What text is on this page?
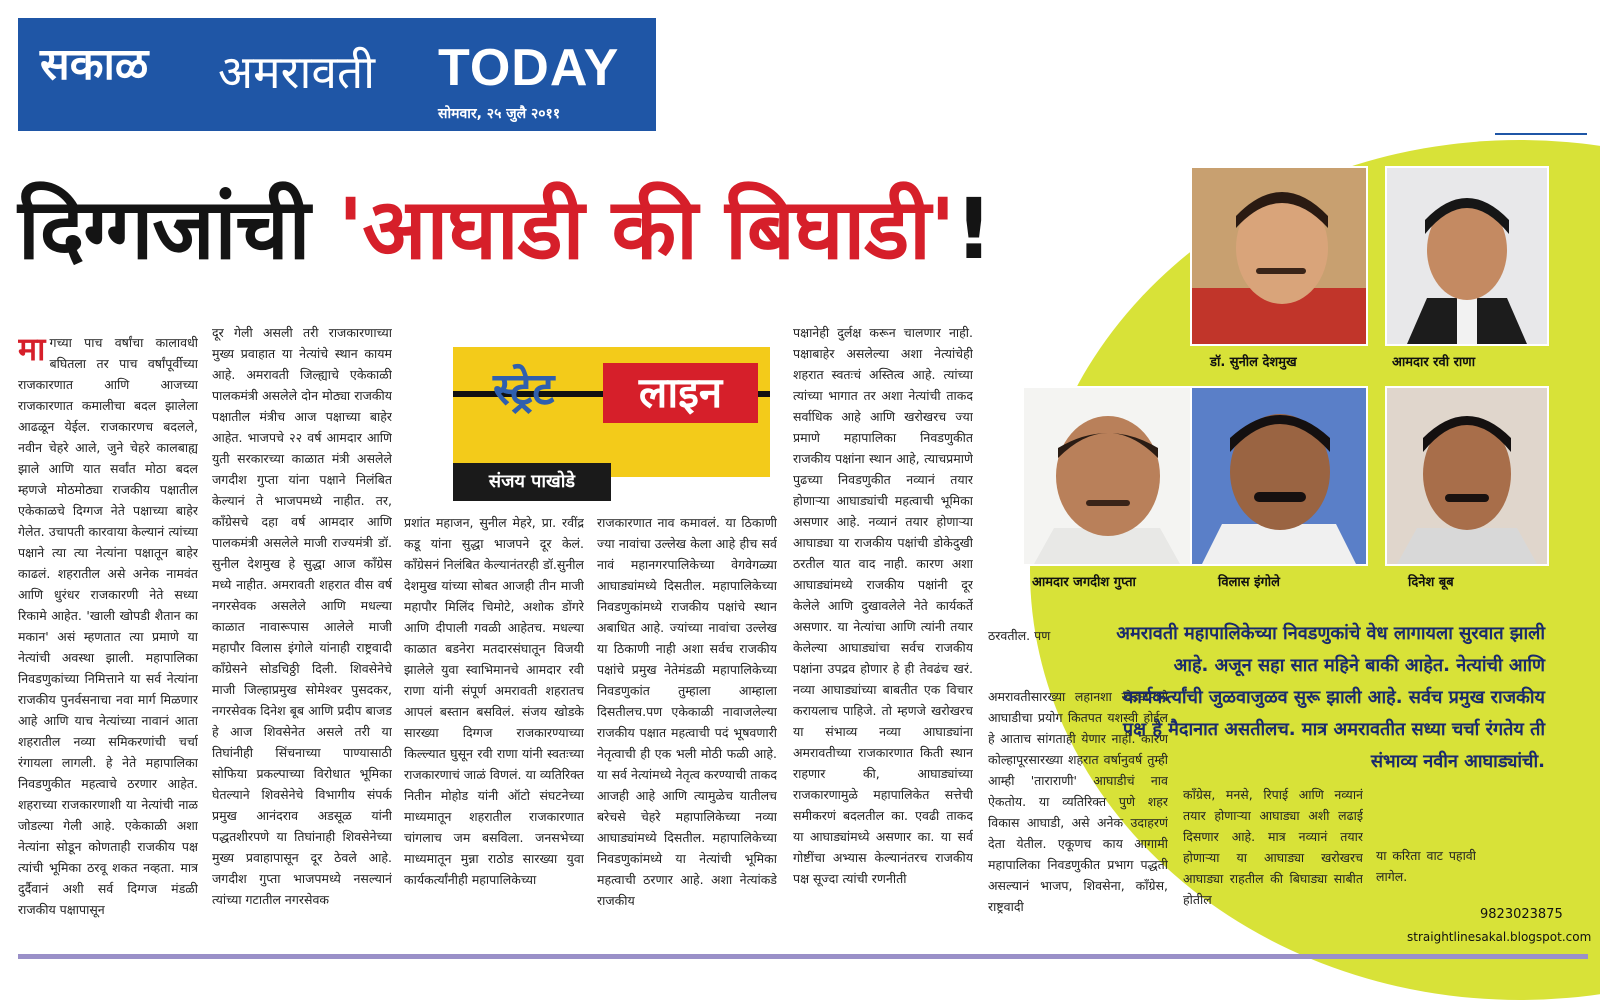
सकाळ अमरावती TODAY
सोमवार, २५ जुलै २०११
दिग्गजांची 'आघाडी की बिघाडी'!
डॉ. सुनील देशमुख	आमदार रवी राणा
आमदार जगदीश गुप्ता	विलास इंगोले	दिनेश बूब
स्ट्रेट	लाइन
संजय पाखोडे
मागच्या पाच वर्षांचा कालावधी बघितला तर पाच वर्षांपूर्वीच्या राजकारणात आणि आजच्या राजकारणात कमालीचा बदल झालेला आढळून येईल. राजकारणच बदलले, नवीन चेहरे आले, जुने चेहरे कालबाह्य झाले आणि यात सर्वांत मोठा बदल म्हणजे मोठमोठ्या राजकीय पक्षातील एकेकाळचे दिग्गज नेते पक्षाच्या बाहेर गेलेत. उचापती कारवाया केल्यानं त्यांच्या पक्षाने त्या त्या नेत्यांना पक्षातून बाहेर काढलं. शहरातील असे अनेक नामवंत आणि धुरंधर राजकारणी नेते सध्या रिकामे आहेत. 'खाली खोपडी शैतान का मकान' असं म्हणतात त्या प्रमाणे या नेत्यांची अवस्था झाली. महापालिका निवडणुकांच्या निमित्ताने या सर्व नेत्यांना राजकीय पुनर्वसनाचा नवा मार्ग मिळणार आहे आणि याच नेत्यांच्या नावानं आता शहरातील नव्या समिकरणांची चर्चा रंगायला लागली. हे नेते महापालिका निवडणुकीत महत्वाचे ठरणार आहेत. शहराच्या राजकारणाशी या नेत्यांची नाळ जोडल्या गेली आहे. एकेकाळी अशा नेत्यांना सोडून कोणताही राजकीय पक्ष त्यांची भूमिका ठरवू शकत नव्हता. मात्र दुर्दैवानं अशी सर्व दिग्गज मंडळी राजकीय पक्षापासून
दूर गेली असली तरी राजकारणाच्या मुख्य प्रवाहात या नेत्यांचे स्थान कायम आहे. अमरावती जिल्ह्याचे एकेकाळी पालकमंत्री असलेले दोन मोठ्या राजकीय पक्षातील मंत्रीच आज पक्षाच्या बाहेर आहेत. भाजपचे २२ वर्ष आमदार आणि युती सरकारच्या काळात मंत्री असलेले जगदीश गुप्ता यांना पक्षाने निलंबित केल्यानं ते भाजपमध्ये नाहीत. तर, काँग्रेसचे दहा वर्ष आमदार आणि पालकमंत्री असलेले माजी राज्यमंत्री डॉ. सुनील देशमुख हे सुद्धा आज काँग्रेस मध्ये नाहीत. अमरावती शहरात वीस वर्ष नगरसेवक असलेले आणि मधल्या काळात नावारूपास आलेले माजी महापौर विलास इंगोले यांनाही राष्ट्रवादी काँग्रेसने सोडचिठ्ठी दिली. शिवसेनेचे माजी जिल्हाप्रमुख सोमेश्वर पुसदकर, नगरसेवक दिनेश बूब आणि प्रदीप बाजड हे आज शिवसेनेत असले तरी या तिघांनीही सिंचनाच्या पाण्यासाठी सोफिया प्रकल्पाच्या विरोधात भूमिका घेतल्याने शिवसेनेचे विभागीय संपर्क प्रमुख आनंदराव अडसूळ यांनी पद्धतशीरपणे या तिघांनाही शिवसेनेच्या मुख्य प्रवाहापासून दूर ठेवले आहे. जगदीश गुप्ता भाजपमध्ये नसल्यानं त्यांच्या गटातील नगरसेवक
प्रशांत महाजन, सुनील मेहरे, प्रा. रवींद्र कडू यांना सुद्धा भाजपने दूर केलं. काँग्रेसनं निलंबित केल्यानंतरही डॉ.सुनील देशमुख यांच्या सोबत आजही तीन माजी महापौर मिलिंद चिमोटे, अशोक डोंगरे आणि दीपाली गवळी आहेतच. मधल्या काळात बडनेरा मतदारसंघातून विजयी झालेले युवा स्वाभिमानचे आमदार रवी राणा यांनी संपूर्ण अमरावती शहरातच आपलं बस्तान बसविलं. संजय खोडके सारख्या दिग्गज राजकारण्याच्या किल्ल्यात घुसून रवी राणा यांनी स्वतःच्या राजकारणाचं जाळं विणलं. या व्यतिरिक्त नितीन मोहोड यांनी ऑटो संघटनेच्या माध्यमातून शहरातील राजकारणात चांगलाच जम बसविला. जनसभेच्या माध्यमातून मुन्ना राठोड सारख्या युवा कार्यकर्त्यांनीही महापालिकेच्या
राजकारणात नाव कमावलं. या ठिकाणी ज्या नावांचा उल्लेख केला आहे हीच सर्व नावं महानगरपालिकेच्या वेगवेगळ्या आघाड्यांमध्ये दिसतील. महापालिकेच्या निवडणुकांमध्ये राजकीय पक्षांचे स्थान अबाधित आहे. ज्यांच्या नावांचा उल्लेख या ठिकाणी नाही अशा सर्वच राजकीय पक्षांचे प्रमुख नेतेमंडळी महापालिकेच्या निवडणुकांत तुम्हाला आम्हाला दिसतीलच.पण एकेकाळी नावाजलेल्या राजकीय पक्षात महत्वाची पदं भूषवणारी नेतृत्वाची ही एक भली मोठी फळी आहे. या सर्व नेत्यांमध्ये नेतृत्व करण्याची ताकद आजही आहे आणि त्यामुळेच यातीलच बरेचसे चेहरे महापालिकेच्या नव्या आघाड्यांमध्ये दिसतील. महापालिकेच्या निवडणुकांमध्ये या नेत्यांची भूमिका महत्वाची ठरणार आहे. अशा नेत्यांकडे राजकीय
पक्षानेही दुर्लक्ष करून चालणार नाही. पक्षाबाहेर असलेल्या अशा नेत्यांचेही शहरात स्वतःचं अस्तित्व आहे. त्यांच्या त्यांच्या भागात तर अशा नेत्यांची ताकद सर्वाधिक आहे आणि खरोखरच ज्या प्रमाणे महापालिका निवडणुकीत राजकीय पक्षांना स्थान आहे, त्याचप्रमाणे पुढच्या निवडणुकीत नव्यानं तयार होणाऱ्या आघाड्यांची महत्वाची भूमिका असणार आहे. नव्यानं तयार होणाऱ्या आघाड्या या राजकीय पक्षांची डोकेदुखी ठरतील यात वाद नाही. कारण अशा आघाड्यांमध्ये राजकीय पक्षांनी दूर केलेले आणि दुखावलेले नेते कार्यकर्ते असणार. या नेत्यांचा आणि त्यांनी तयार केलेल्या आघाड्यांचा सर्वच राजकीय पक्षांना उपद्रव होणार हे ही तेवढंच खरं. नव्या आघाड्यांच्या बाबतीत एक विचार करायलाच पाहिजे. तो म्हणजे खरोखरच या संभाव्य नव्या आघाड्यांना अमरावतीच्या राजकारणात किती स्थान राहणार की, आघाड्यांच्या राजकारणामुळे महापालिकेत सत्तेची समीकरणं बदलतील का. एवढी ताकद या आघाड्यांमध्ये असणार का. या सर्व गोष्टींचा अभ्यास केल्यानंतरच राजकीय पक्ष सूज्दा त्यांची रणनीती
ठरवतील. पण
अमरावतीसारख्या लहानशा खेड्यामध्ये आघाडीचा प्रयोग कितपत यशस्वी होईल हे आताच सांगताही येणार नाही. कारण कोल्हापूरसारख्या शहरात वर्षानुवर्ष तुम्ही आम्ही 'ताराराणी' आघाडीचं नाव ऐकतोय. या व्यतिरिक्त पुणे शहर विकास आघाडी, असे अनेक उदाहरणं देता येतील. एकूणच काय आगामी महापालिका निवडणुकीत प्रभाग पद्धती असल्यानं भाजप, शिवसेना, काँग्रेस, राष्ट्रवादी
काँग्रेस, मनसे, रिपाई आणि नव्यानं तयार होणाऱ्या आघाड्या अशी लढाई दिसणार आहे. मात्र नव्यानं तयार होणाऱ्या या आघाड्या खरोखरच आघाड्या राहतील की बिघाड्या साबीत होतील
या करिता वाट पहावी लागेल.
अमरावती महापालिकेच्या निवडणुकांचे वेध लागायला सुरवात झाली आहे. अजून सहा सात महिने बाकी आहेत. नेत्यांची आणि कार्यकर्त्यांची जुळवाजुळव सुरू झाली आहे. सर्वच प्रमुख राजकीय पक्ष हे मैदानात असतीलच. मात्र अमरावतीत सध्या चर्चा रंगतेय ती संभाव्य नवीन आघाड्यांची.
9823023875
straightlinesakal.blogspot.com
